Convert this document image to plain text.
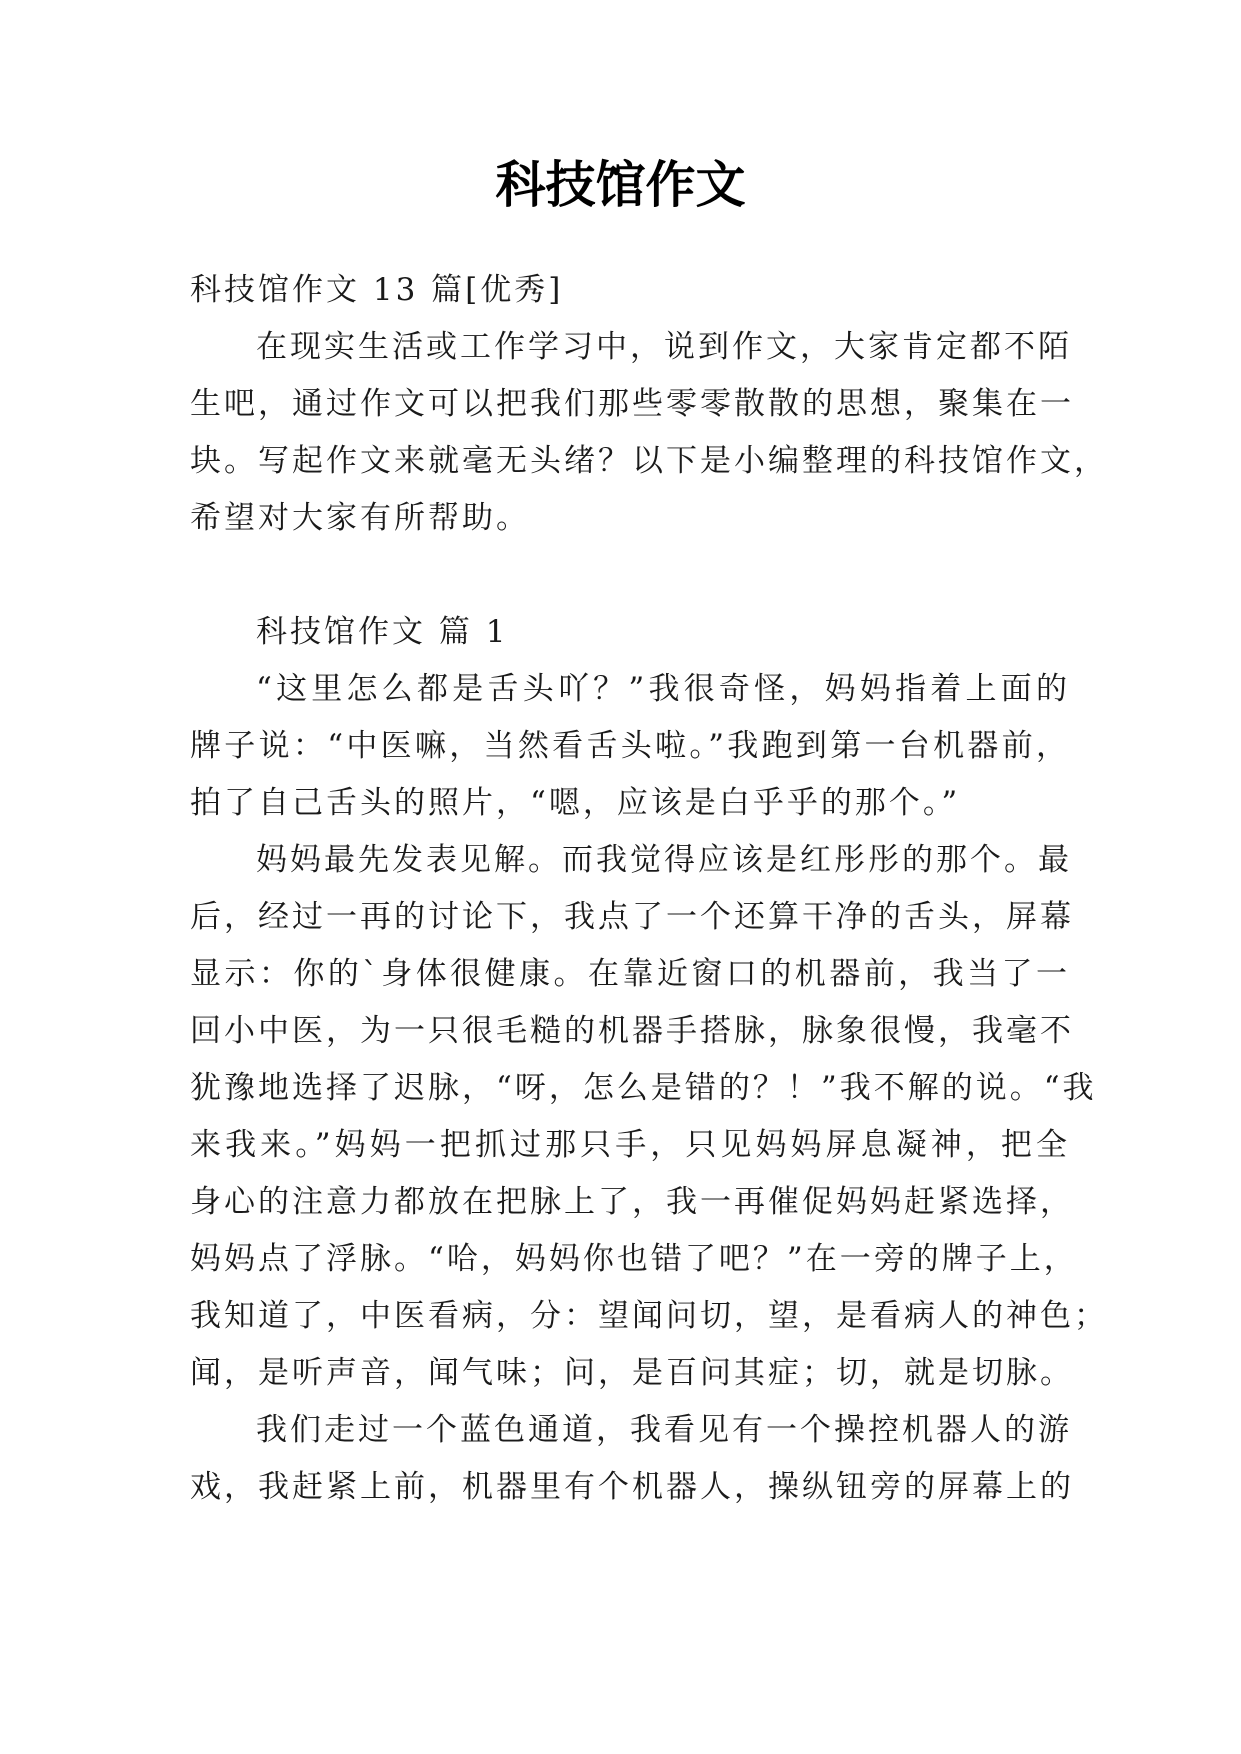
科技馆作文
科技馆作文 13 篇[优秀]
在现实生活或工作学习中，说到作文，大家肯定都不陌
生吧，通过作文可以把我们那些零零散散的思想，聚集在一
块。写起作文来就毫无头绪？以下是小编整理的科技馆作文，
希望对大家有所帮助。
科技馆作文 篇 1
“这里怎么都是舌头吖？”我很奇怪，妈妈指着上面的
牌子说：“中医嘛，当然看舌头啦。”我跑到第一台机器前，
拍了自己舌头的照片，“嗯，应该是白乎乎的那个。”
妈妈最先发表见解。而我觉得应该是红彤彤的那个。最
后，经过一再的讨论下，我点了一个还算干净的舌头，屏幕
显示：你的`身体很健康。在靠近窗口的机器前，我当了一
回小中医，为一只很毛糙的机器手搭脉，脉象很慢，我毫不
犹豫地选择了迟脉，“呀，怎么是错的？！”我不解的说。“我
来我来。”妈妈一把抓过那只手，只见妈妈屏息凝神，把全
身心的注意力都放在把脉上了，我一再催促妈妈赶紧选择，
妈妈点了浮脉。“哈，妈妈你也错了吧？”在一旁的牌子上，
我知道了，中医看病，分：望闻问切，望，是看病人的神色；
闻，是听声音，闻气味；问，是百问其症；切，就是切脉。
我们走过一个蓝色通道，我看见有一个操控机器人的游
戏，我赶紧上前，机器里有个机器人，操纵钮旁的屏幕上的
